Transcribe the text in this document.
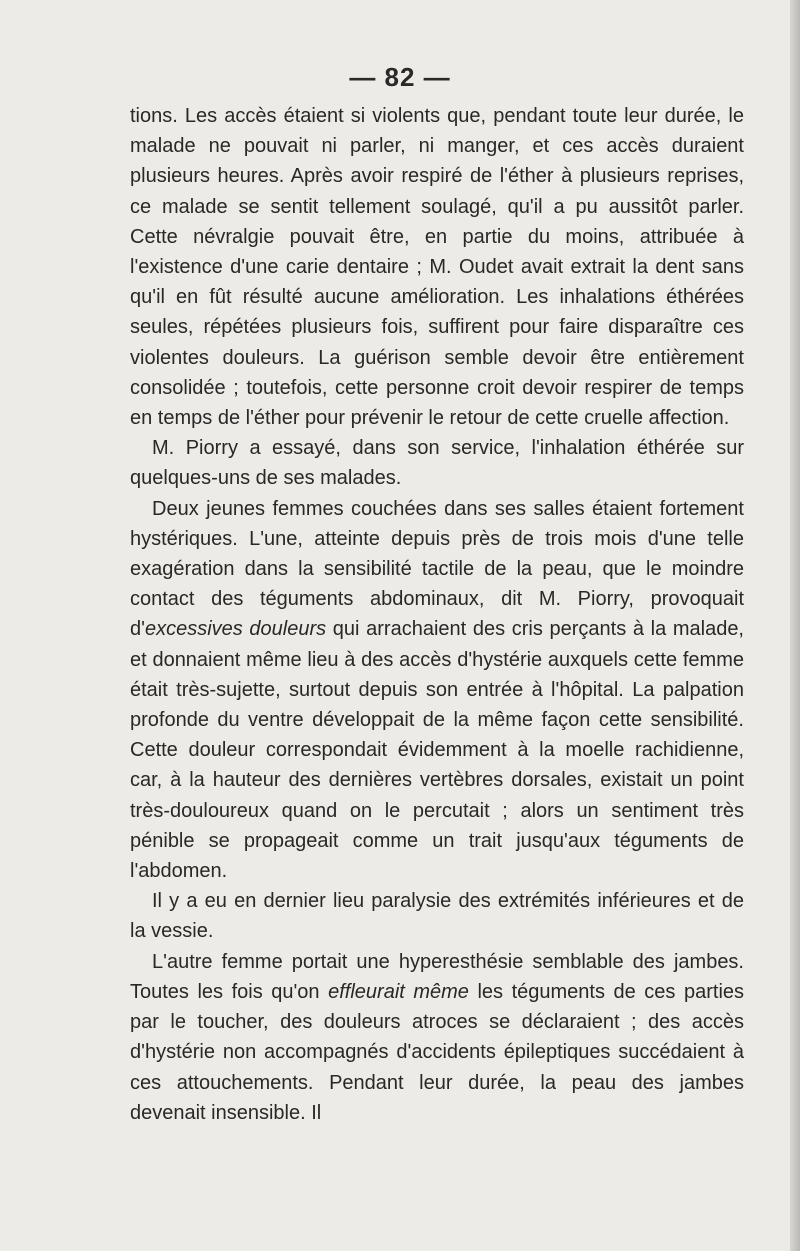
— 82 —

tions. Les accès étaient si violents que, pendant toute leur durée, le malade ne pouvait ni parler, ni manger, et ces accès duraient plusieurs heures. Après avoir respiré de l'éther à plusieurs reprises, ce malade se sentit tellement soulagé, qu'il a pu aussitôt parler. Cette névralgie pouvait être, en partie du moins, attribuée à l'existence d'une carie dentaire ; M. Oudet avait extrait la dent sans qu'il en fût résulté aucune amélioration. Les inhalations éthérées seules, répétées plusieurs fois, suffirent pour faire disparaître ces violentes douleurs. La guérison semble devoir être entièrement consolidée ; toutefois, cette personne croit devoir respirer de temps en temps de l'éther pour prévenir le retour de cette cruelle affection.

M. Piorry a essayé, dans son service, l'inhalation éthérée sur quelques-uns de ses malades.

Deux jeunes femmes couchées dans ses salles étaient fortement hystériques. L'une, atteinte depuis près de trois mois d'une telle exagération dans la sensibilité tactile de la peau, que le moindre contact des téguments abdominaux, dit M. Piorry, provoquait d'excessives douleurs qui arrachaient des cris perçants à la malade, et donnaient même lieu à des accès d'hystérie auxquels cette femme était très-sujette, surtout depuis son entrée à l'hôpital. La palpation profonde du ventre développait de la même façon cette sensibilité. Cette douleur correspondait évidemment à la moelle rachidienne, car, à la hauteur des dernières vertèbres dorsales, existait un point très-douloureux quand on le percutait ; alors un sentiment très pénible se propageait comme un trait jusqu'aux téguments de l'abdomen.

Il y a eu en dernier lieu paralysie des extrémités inférieures et de la vessie.

L'autre femme portait une hyperesthésie semblable des jambes. Toutes les fois qu'on effleurait même les téguments de ces parties par le toucher, des douleurs atroces se déclaraient ; des accès d'hystérie non accompagnés d'accidents épileptiques succédaient à ces attouchements. Pendant leur durée, la peau des jambes devenait insensible. Il
